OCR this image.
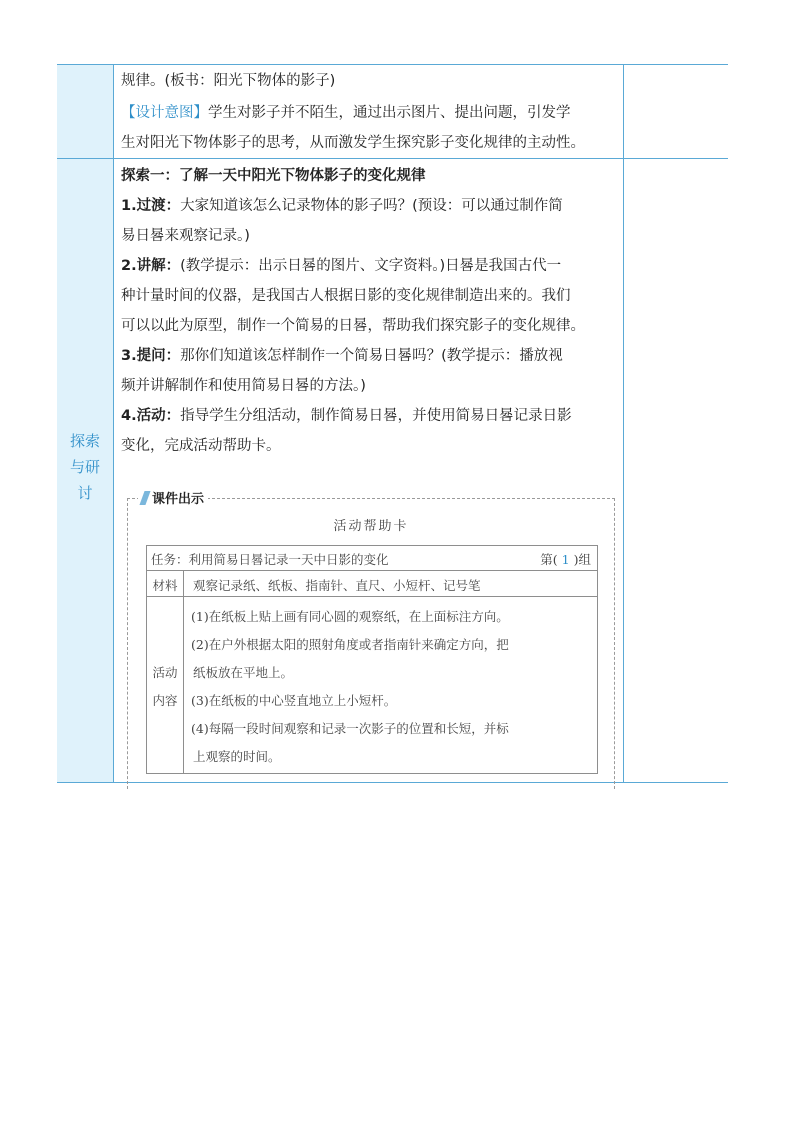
探索
与研
讨

规律。(板书：阳光下物体的影子)

【设计意图】学生对影子并不陌生，通过出示图片、提出问题，引发学

生对阳光下物体影子的思考，从而激发学生探究影子变化规律的主动性。

探索一：了解一天中阳光下物体影子的变化规律

1.过渡：大家知道该怎么记录物体的影子吗？(预设：可以通过制作简

易日晷来观察记录。)

2.讲解：(教学提示：出示日晷的图片、文字资料。)日晷是我国古代一

种计量时间的仪器，是我国古人根据日影的变化规律制造出来的。我们

可以以此为原型，制作一个简易的日晷，帮助我们探究影子的变化规律。

3.提问：那你们知道该怎样制作一个简易日晷吗？(教学提示：播放视

频并讲解制作和使用简易日晷的方法。)

4.活动：指导学生分组活动，制作简易日晷，并使用简易日晷记录日影

变化，完成活动帮助卡。

课件出示
活动帮助卡
任务：利用简易日晷记录一天中日影的变化	第( 1 )组
材料	观察记录纸、纸板、指南针、直尺、小短杆、记号笔
活动
内容
(1)在纸板上贴上画有同心圆的观察纸，在上面标注方向。
(2)在户外根据太阳的照射角度或者指南针来确定方向，把
纸板放在平地上。
(3)在纸板的中心竖直地立上小短杆。
(4)每隔一段时间观察和记录一次影子的位置和长短，并标
上观察的时间。
